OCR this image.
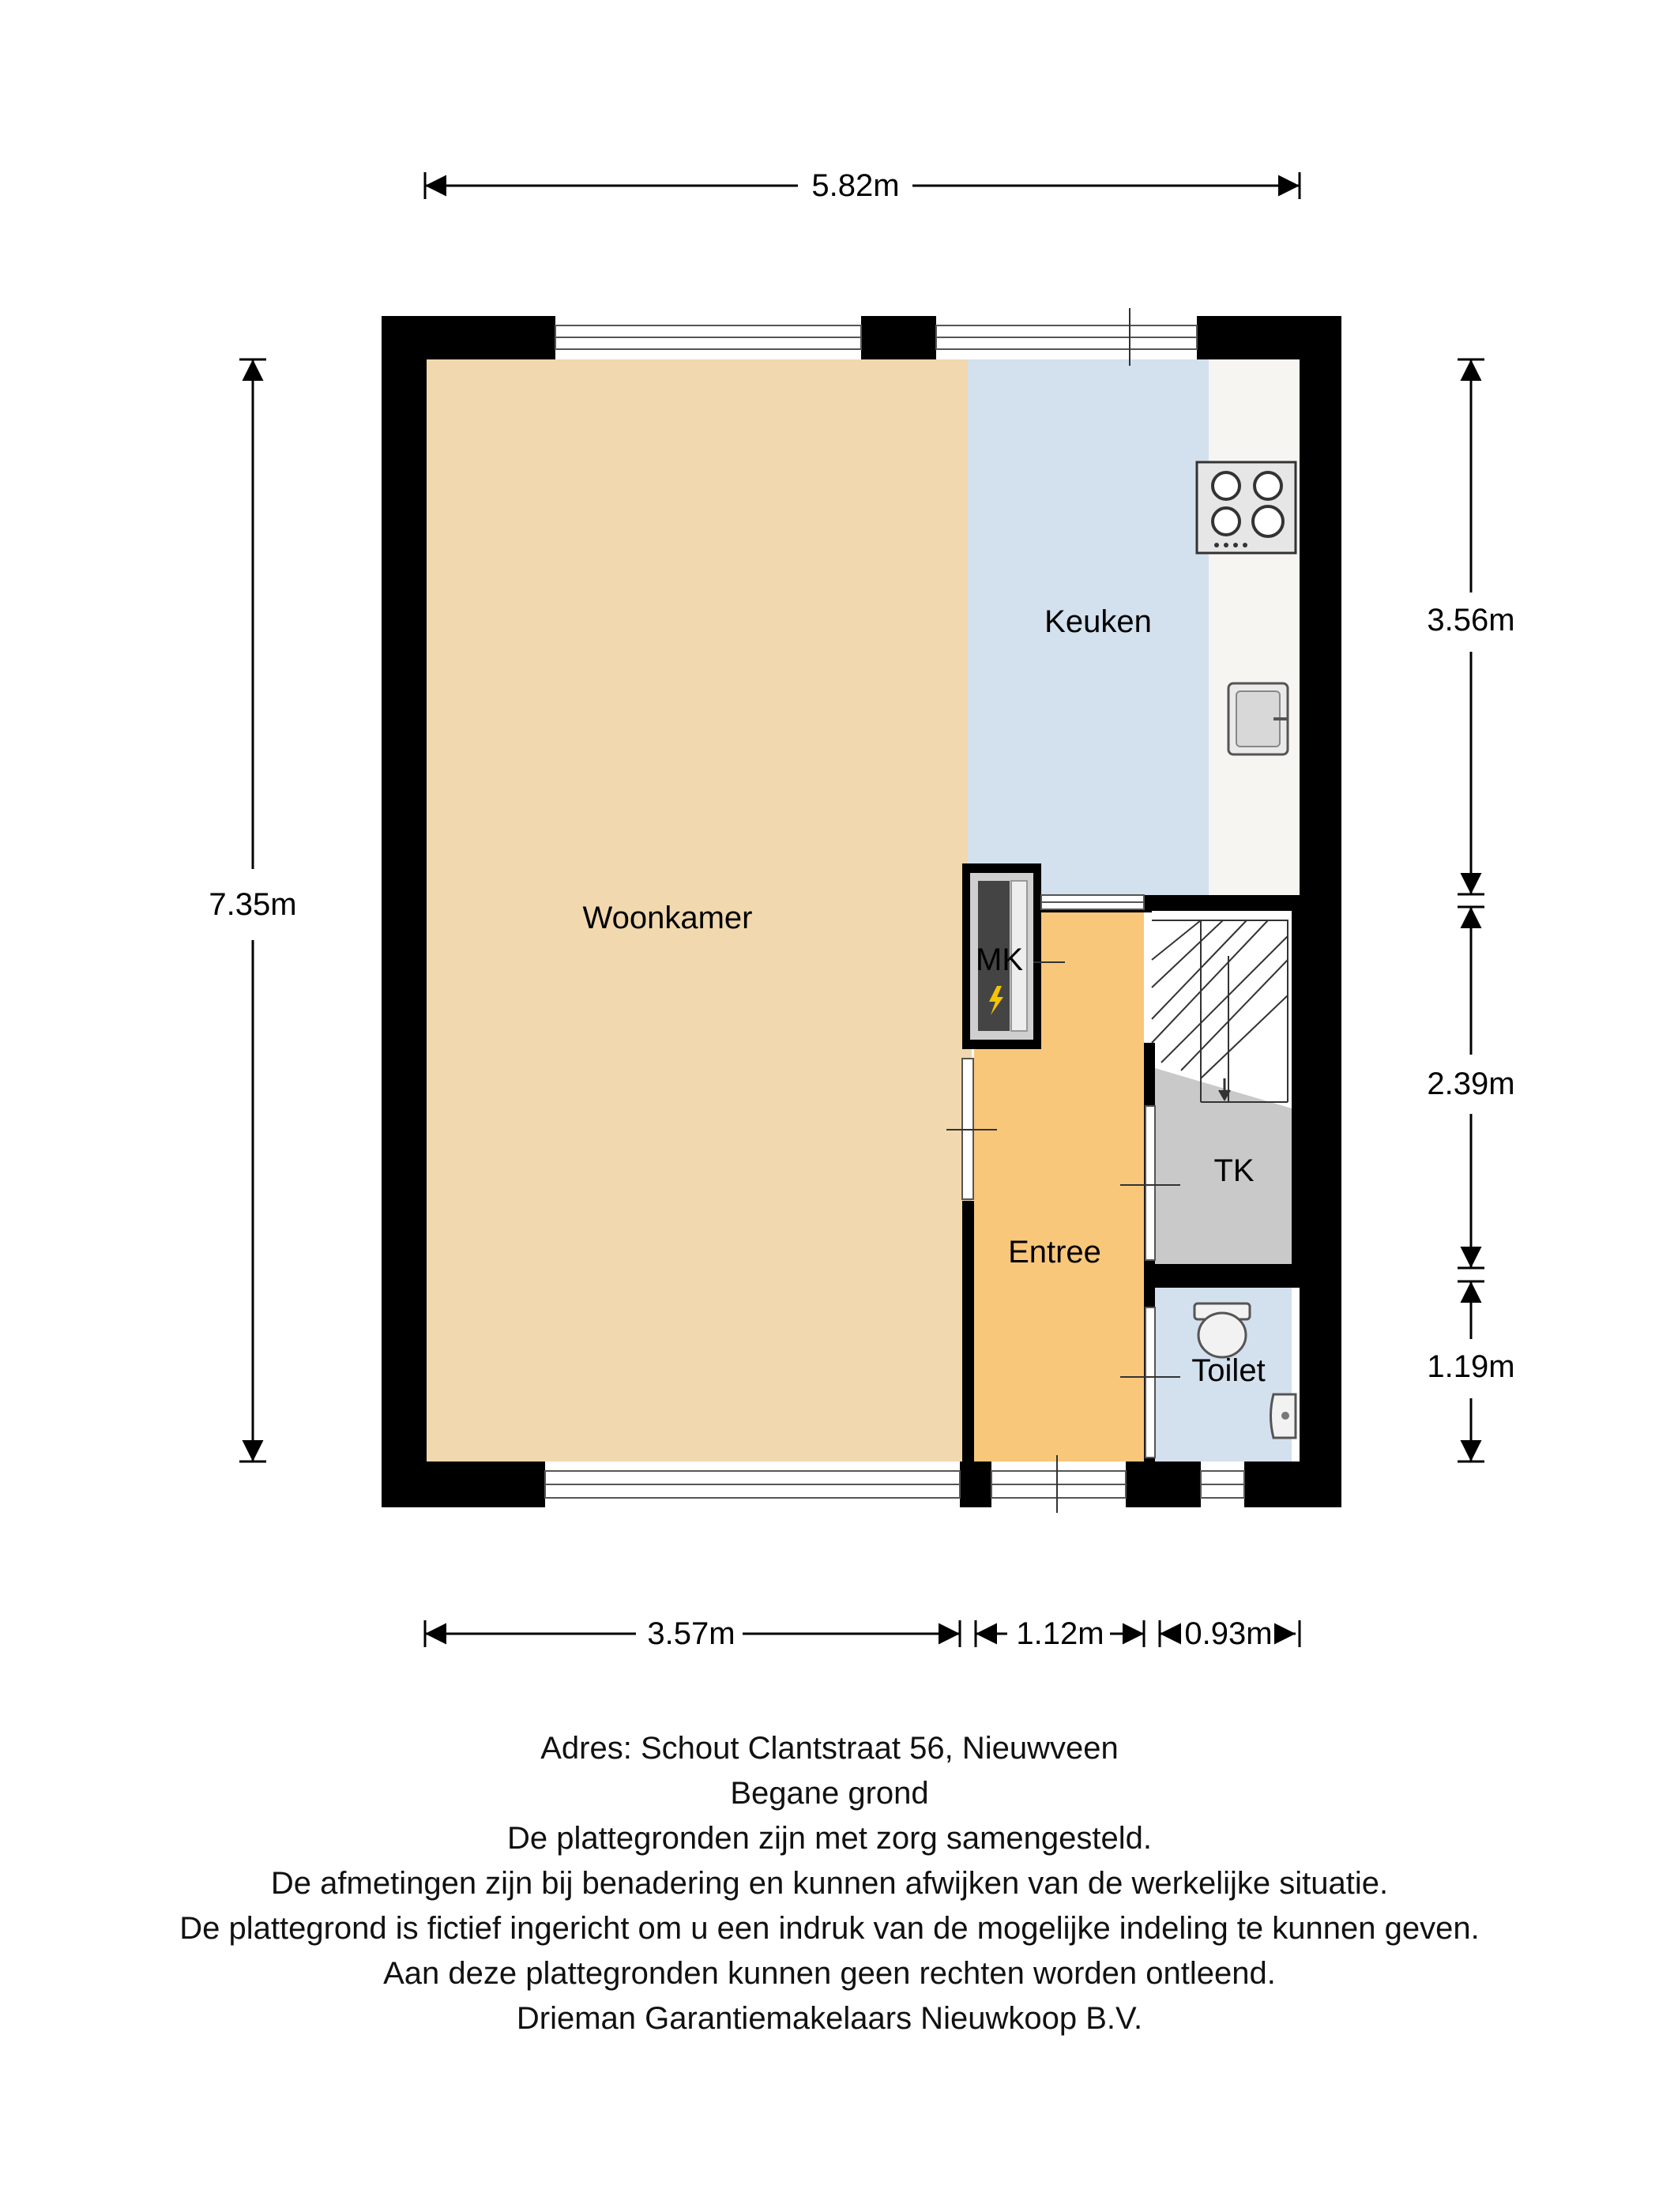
Woonkamer
Keuken
MK
Entree
TK
Toilet
5.82m
7.35m
3.56m
2.39m
1.19m
3.57m	1.12m	0.93m
Adres: Schout Clantstraat 56, Nieuwveen
Begane grond
De plattegronden zijn met zorg samengesteld.
De afmetingen zijn bij benadering en kunnen afwijken van de werkelijke situatie.
De plattegrond is fictief ingericht om u een indruk van de mogelijke indeling te kunnen geven.
Aan deze plattegronden kunnen geen rechten worden ontleend.
Drieman Garantiemakelaars Nieuwkoop B.V.
